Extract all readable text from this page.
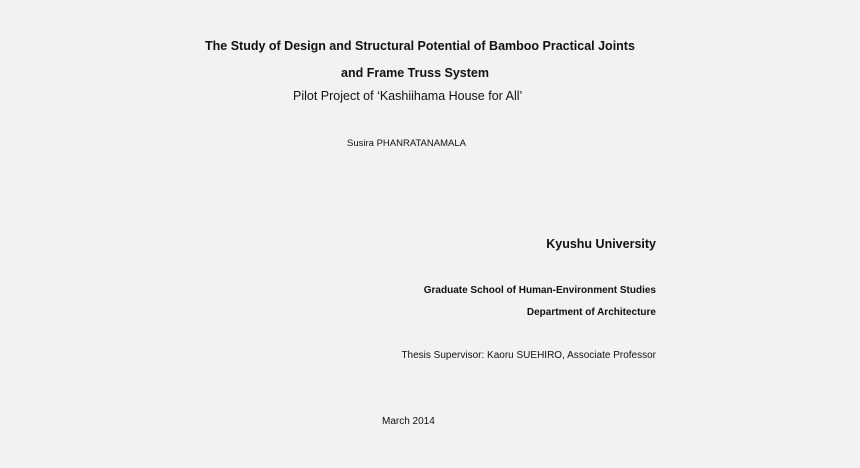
The Study of Design and Structural Potential of Bamboo Practical Joints
and Frame Truss System
Pilot Project of ‘Kashiihama House for All’
Susira PHANRATANAMALA
Kyushu University
Graduate School of Human-Environment Studies
Department of Architecture
Thesis Supervisor: Kaoru SUEHIRO, Associate Professor
March 2014
